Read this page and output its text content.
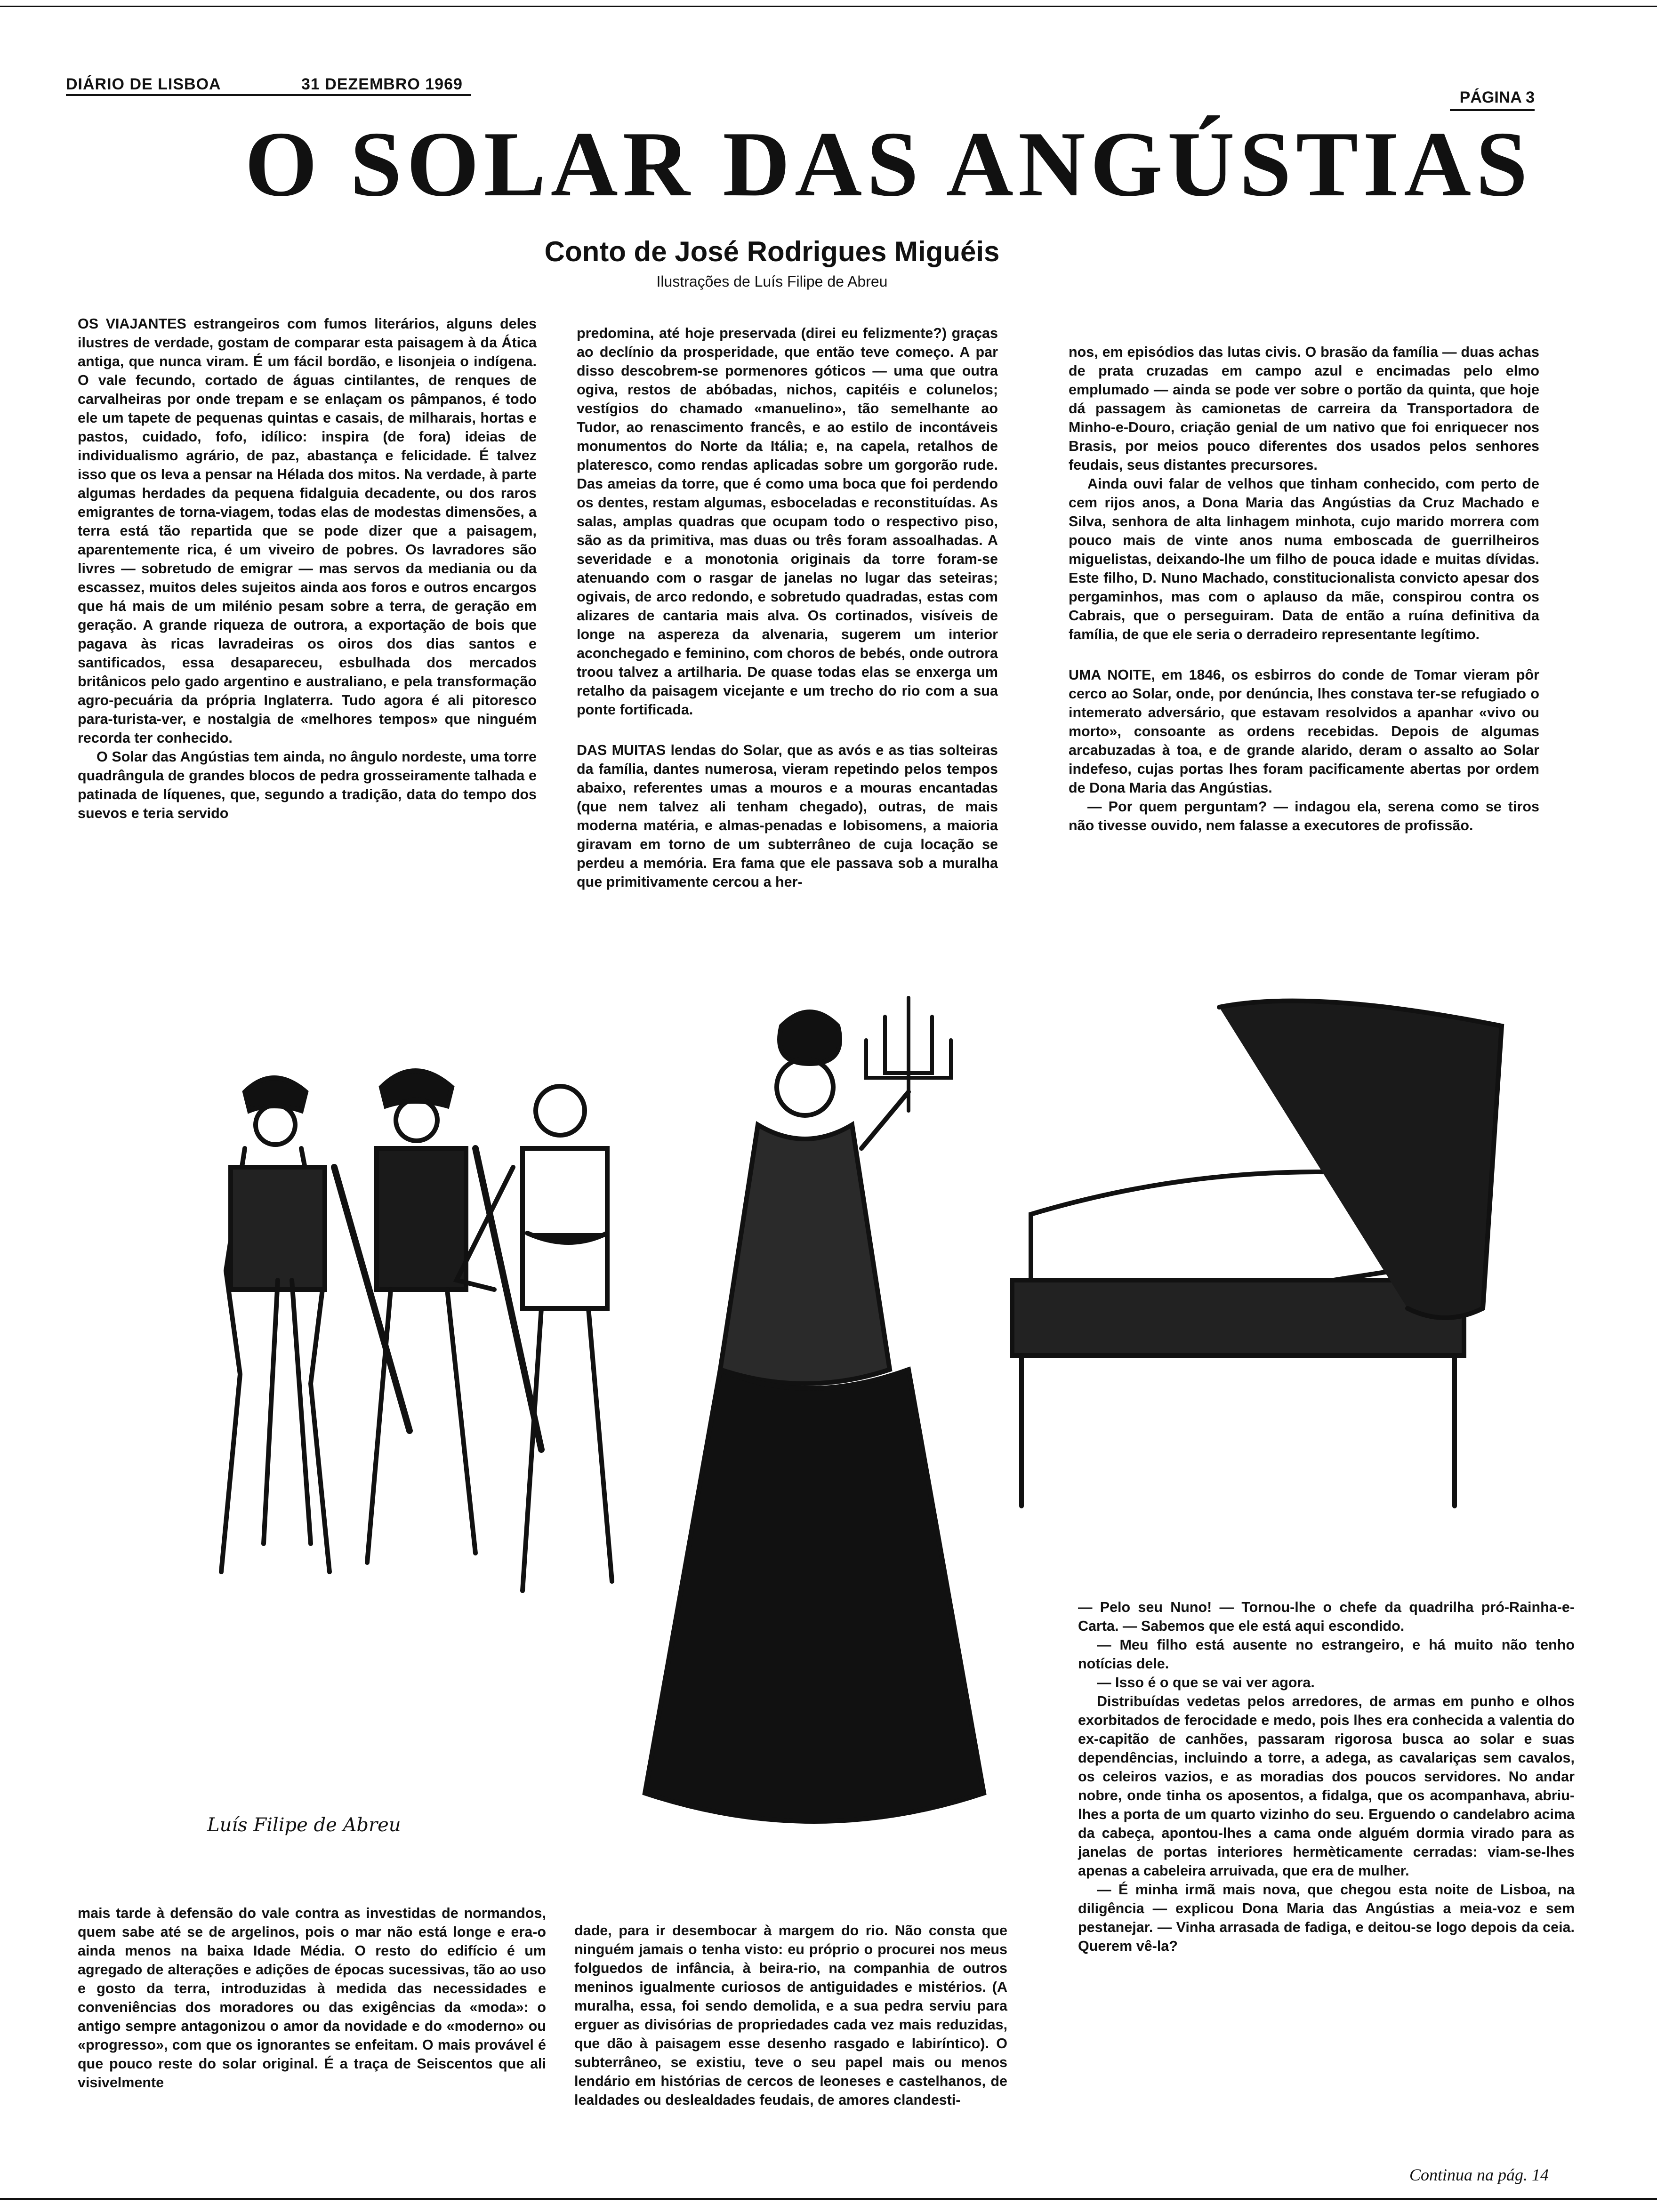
DIÁRIO DE LISBOA	31 DEZEMBRO 1969
PÁGINA 3
O SOLAR DAS ANGÚSTIAS
Conto de José Rodrigues Miguéis
Ilustrações de Luís Filipe de Abreu

OS VIAJANTES estrangeiros com fumos literários, alguns deles ilustres de verdade, gostam de comparar esta paisagem à da Ática antiga, que nunca viram. É um fácil bordão, e lisonjeia o indígena. O vale fecundo, cortado de águas cintilantes, de renques de carvalheiras por onde trepam e se enlaçam os pâmpanos, é todo ele um tapete de pequenas quintas e casais, de milharais, hortas e pastos, cuidado, fofo, idílico: inspira (de fora) ideias de individualismo agrário, de paz, abastança e felicidade. É talvez isso que os leva a pensar na Hélada dos mitos. Na verdade, à parte algumas herdades da pequena fidalguia decadente, ou dos raros emigrantes de torna-viagem, todas elas de modestas dimensões, a terra está tão repartida que se pode dizer que a paisagem, aparentemente rica, é um viveiro de pobres. Os lavradores são livres — sobretudo de emigrar — mas servos da mediania ou da escassez, muitos deles sujeitos ainda aos foros e outros encargos que há mais de um milénio pesam sobre a terra, de geração em geração. A grande riqueza de outrora, a exportação de bois que pagava às ricas lavradeiras os oiros dos dias santos e santificados, essa desapareceu, esbulhada dos mercados britânicos pelo gado argentino e australiano, e pela transformação agro-pecuária da própria Inglaterra. Tudo agora é ali pitoresco para-turista-ver, e nostalgia de «melhores tempos» que ninguém recorda ter conhecido.

O Solar das Angústias tem ainda, no ângulo nordeste, uma torre quadrângula de grandes blocos de pedra grosseiramente talhada e patinada de líquenes, que, segundo a tradição, data do tempo dos suevos e teria servido

predomina, até hoje preservada (direi eu felizmente?) graças ao declínio da prosperidade, que então teve começo. A par disso descobrem-se pormenores góticos — uma que outra ogiva, restos de abóbadas, nichos, capitéis e colunelos; vestígios do chamado «manuelino», tão semelhante ao Tudor, ao renascimento francês, e ao estilo de incontáveis monumentos do Norte da Itália; e, na capela, retalhos de plateresco, como rendas aplicadas sobre um gorgorão rude. Das ameias da torre, que é como uma boca que foi perdendo os dentes, restam algumas, esboceladas e reconstituídas. As salas, amplas quadras que ocupam todo o respectivo piso, são as da primitiva, mas duas ou três foram assoalhadas. A severidade e a monotonia originais da torre foram-se atenuando com o rasgar de janelas no lugar das seteiras; ogivais, de arco redondo, e sobretudo quadradas, estas com alizares de cantaria mais alva. Os cortinados, visíveis de longe na aspereza da alvenaria, sugerem um interior aconchegado e feminino, com choros de bebés, onde outrora troou talvez a artilharia. De quase todas elas se enxerga um retalho da paisagem vicejante e um trecho do rio com a sua ponte fortificada.

DAS MUITAS lendas do Solar, que as avós e as tias solteiras da família, dantes numerosa, vieram repetindo pelos tempos abaixo, referentes umas a mouros e a mouras encantadas (que nem talvez ali tenham chegado), outras, de mais moderna matéria, e almas-penadas e lobisomens, a maioria giravam em torno de um subterrâneo de cuja locação se perdeu a memória. Era fama que ele passava sob a muralha que primitivamente cercou a her-

nos, em episódios das lutas civis. O brasão da família — duas achas de prata cruzadas em campo azul e encimadas pelo elmo emplumado — ainda se pode ver sobre o portão da quinta, que hoje dá passagem às camionetas de carreira da Transportadora de Minho-e-Douro, criação genial de um nativo que foi enriquecer nos Brasis, por meios pouco diferentes dos usados pelos senhores feudais, seus distantes precursores.

Ainda ouvi falar de velhos que tinham conhecido, com perto de cem rijos anos, a Dona Maria das Angústias da Cruz Machado e Silva, senhora de alta linhagem minhota, cujo marido morrera com pouco mais de vinte anos numa emboscada de guerrilheiros miguelistas, deixando-lhe um filho de pouca idade e muitas dívidas. Este filho, D. Nuno Machado, constitucionalista convicto apesar dos pergaminhos, mas com o aplauso da mãe, conspirou contra os Cabrais, que o perseguiram. Data de então a ruína definitiva da família, de que ele seria o derradeiro representante legítimo.

UMA NOITE, em 1846, os esbirros do conde de Tomar vieram pôr cerco ao Solar, onde, por denúncia, lhes constava ter-se refugiado o intemerato adversário, que estavam resolvidos a apanhar «vivo ou morto», consoante as ordens recebidas. Depois de algumas arcabuzadas à toa, e de grande alarido, deram o assalto ao Solar indefeso, cujas portas lhes foram pacificamente abertas por ordem de Dona Maria das Angústias.

— Por quem perguntam? — indagou ela, serena como se tiros não tivesse ouvido, nem falasse a executores de profissão.

Luís Filipe de Abreu

mais tarde à defensão do vale contra as investidas de normandos, quem sabe até se de argelinos, pois o mar não está longe e era-o ainda menos na baixa Idade Média. O resto do edifício é um agregado de alterações e adições de épocas sucessivas, tão ao uso e gosto da terra, introduzidas à medida das necessidades e conveniências dos moradores ou das exigências da «moda»: o antigo sempre antagonizou o amor da novidade e do «moderno» ou «progresso», com que os ignorantes se enfeitam. O mais provável é que pouco reste do solar original. É a traça de Seiscentos que ali visivelmente

dade, para ir desembocar à margem do rio. Não consta que ninguém jamais o tenha visto: eu próprio o procurei nos meus folguedos de infância, à beira-rio, na companhia de outros meninos igualmente curiosos de antiguidades e mistérios. (A muralha, essa, foi sendo demolida, e a sua pedra serviu para erguer as divisórias de propriedades cada vez mais reduzidas, que dão à paisagem esse desenho rasgado e labiríntico). O subterrâneo, se existiu, teve o seu papel mais ou menos lendário em histórias de cercos de leoneses e castelhanos, de lealdades ou deslealdades feudais, de amores clandesti-

— Pelo seu Nuno! — Tornou-lhe o chefe da quadrilha pró-Rainha-e-Carta. — Sabemos que ele está aqui escondido.

— Meu filho está ausente no estrangeiro, e há muito não tenho notícias dele.

— Isso é o que se vai ver agora.

Distribuídas vedetas pelos arredores, de armas em punho e olhos exorbitados de ferocidade e medo, pois lhes era conhecida a valentia do ex-capitão de canhões, passaram rigorosa busca ao solar e suas dependências, incluindo a torre, a adega, as cavalariças sem cavalos, os celeiros vazios, e as moradias dos poucos servidores. No andar nobre, onde tinha os aposentos, a fidalga, que os acompanhava, abriu-lhes a porta de um quarto vizinho do seu. Erguendo o candelabro acima da cabeça, apontou-lhes a cama onde alguém dormia virado para as janelas de portas interiores hermèticamente cerradas: viam-se-lhes apenas a cabeleira arruivada, que era de mulher.

— É minha irmã mais nova, que chegou esta noite de Lisboa, na diligência — explicou Dona Maria das Angústias a meia-voz e sem pestanejar. — Vinha arrasada de fadiga, e deitou-se logo depois da ceia. Querem vê-la?

Continua na pág. 14
